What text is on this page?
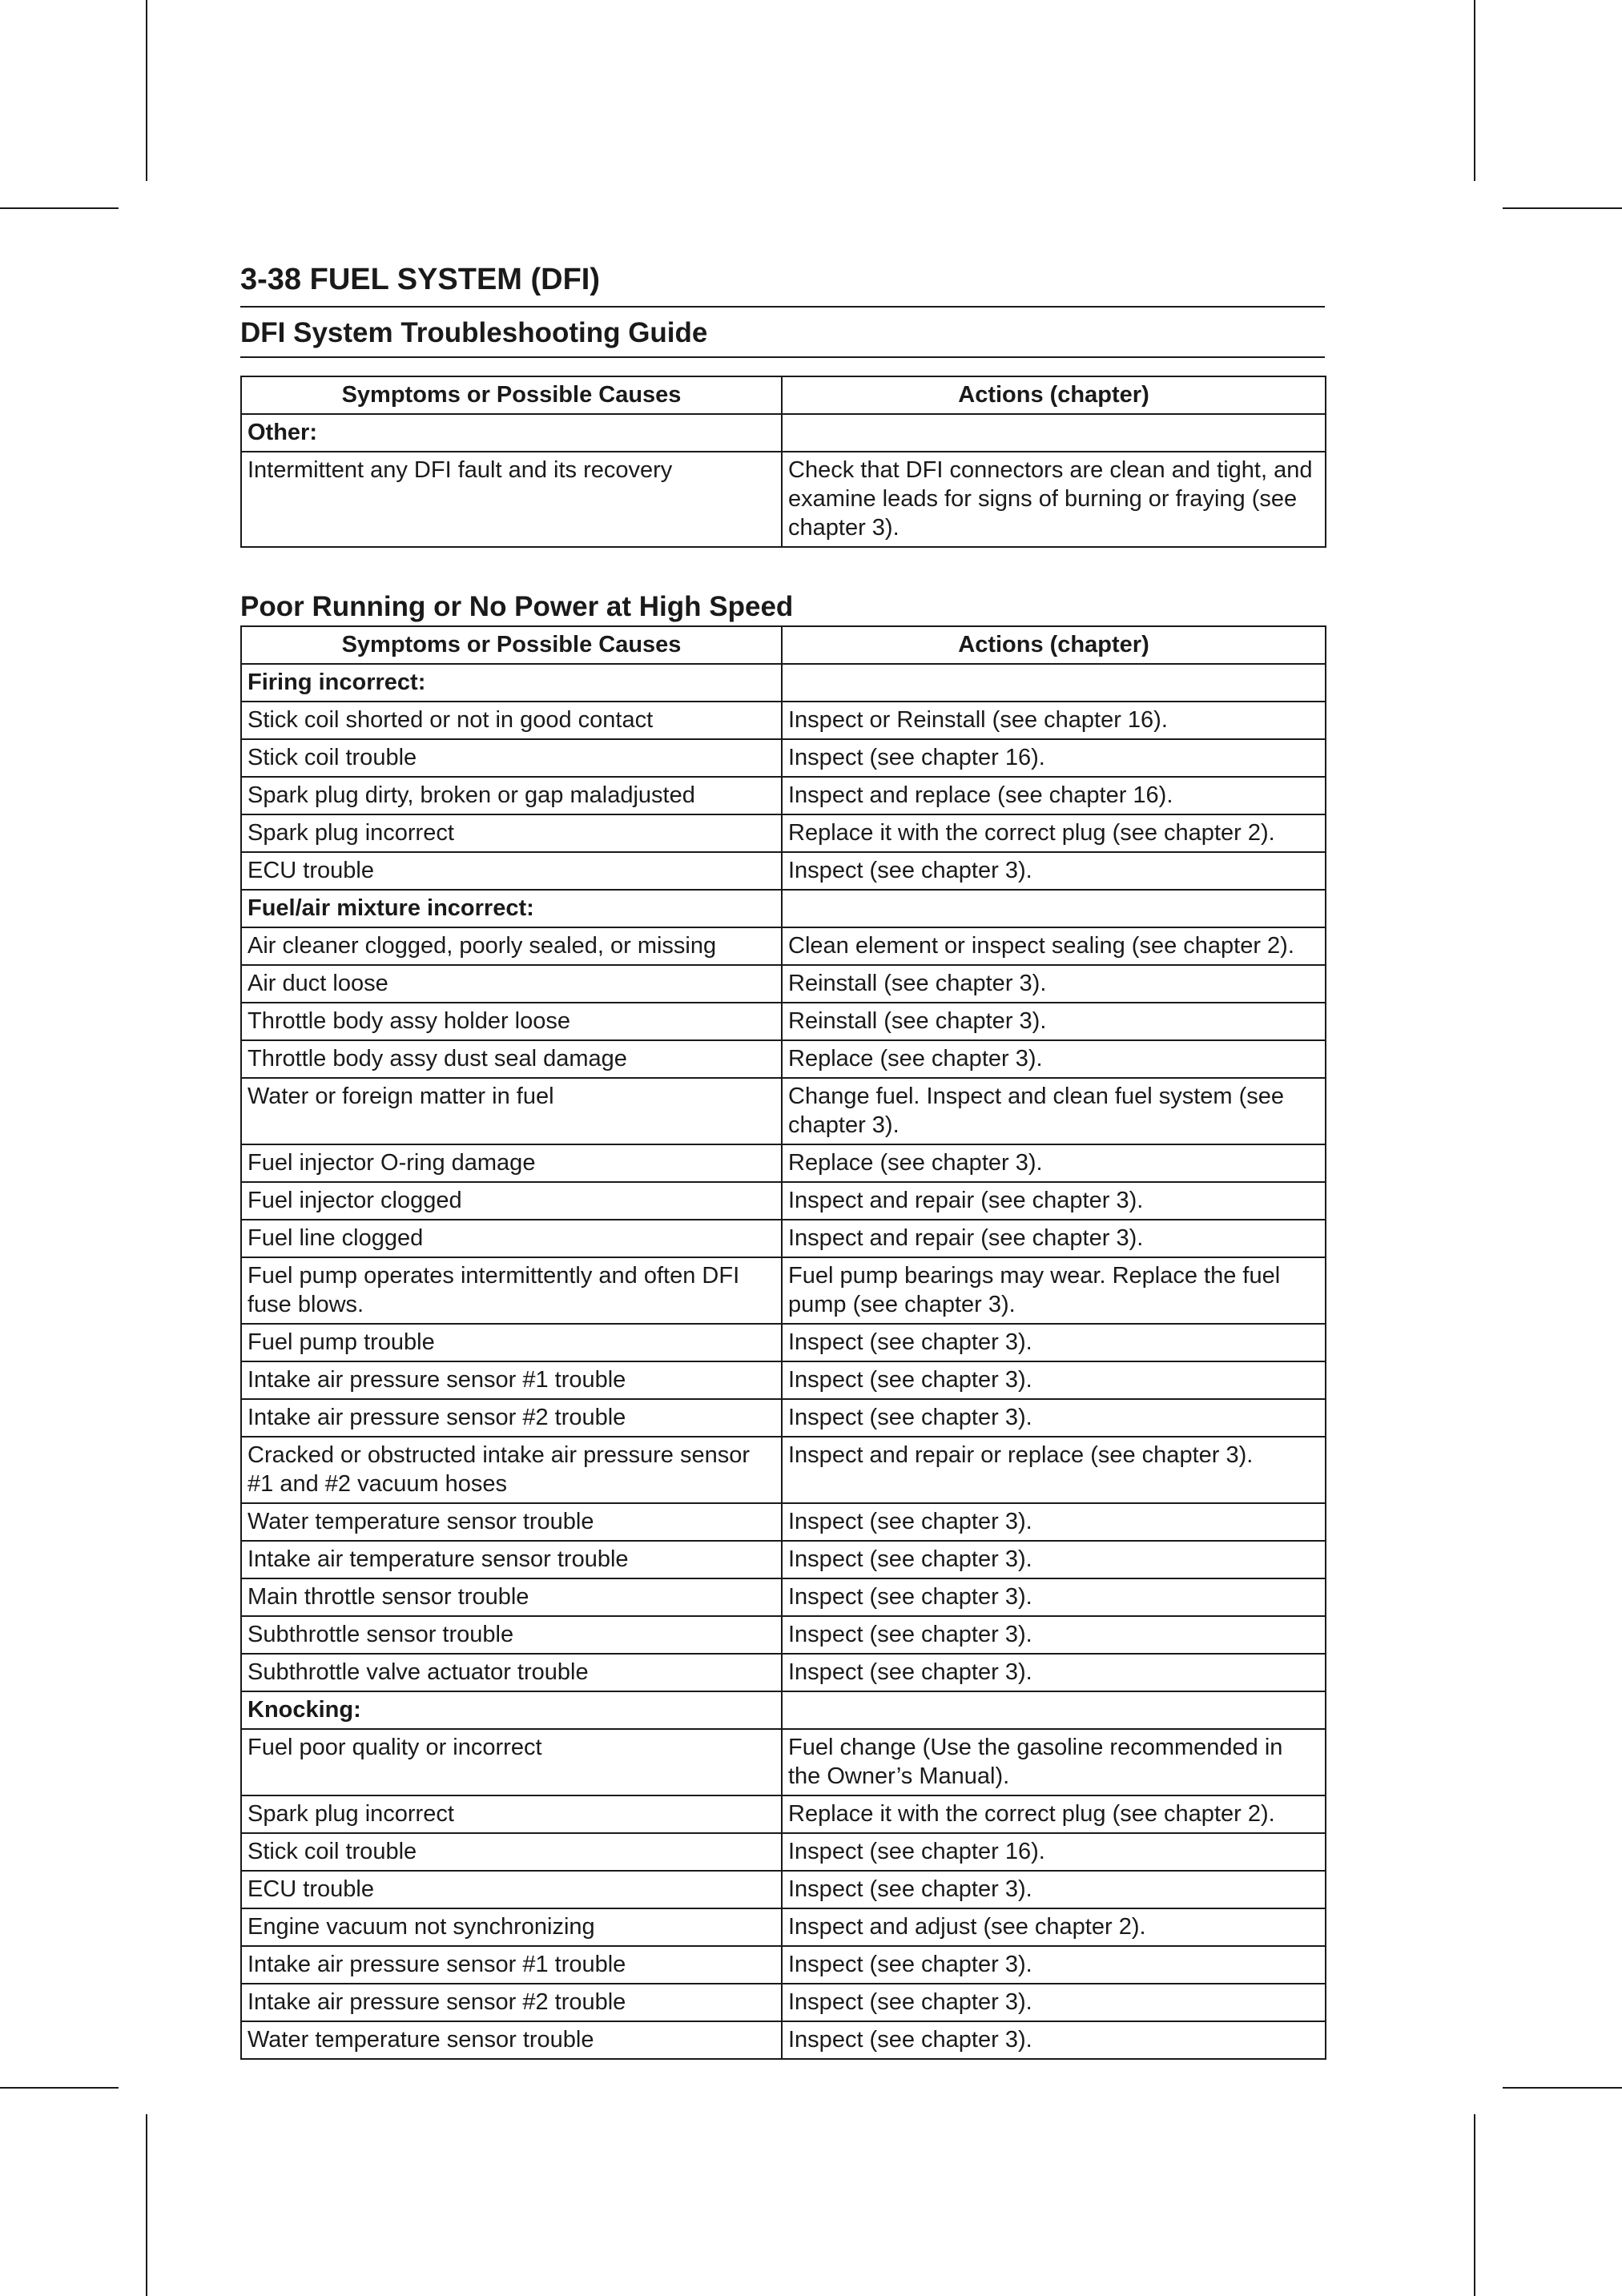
3-38 FUEL SYSTEM (DFI)
DFI System Troubleshooting Guide
Symptoms or Possible Causes	Actions (chapter)
Other:	
Intermittent any DFI fault and its recovery	Check that DFI connectors are clean and tight, and examine leads for signs of burning or fraying (see chapter 3).
Poor Running or No Power at High Speed
Symptoms or Possible Causes	Actions (chapter)
Firing incorrect:	
Stick coil shorted or not in good contact	Inspect or Reinstall (see chapter 16).
Stick coil trouble	Inspect (see chapter 16).
Spark plug dirty, broken or gap maladjusted	Inspect and replace (see chapter 16).
Spark plug incorrect	Replace it with the correct plug (see chapter 2).
ECU trouble	Inspect (see chapter 3).
Fuel/air mixture incorrect:	
Air cleaner clogged, poorly sealed, or missing	Clean element or inspect sealing (see chapter 2).
Air duct loose	Reinstall (see chapter 3).
Throttle body assy holder loose	Reinstall (see chapter 3).
Throttle body assy dust seal damage	Replace (see chapter 3).
Water or foreign matter in fuel	Change fuel. Inspect and clean fuel system (see chapter 3).
Fuel injector O-ring damage	Replace (see chapter 3).
Fuel injector clogged	Inspect and repair (see chapter 3).
Fuel line clogged	Inspect and repair (see chapter 3).
Fuel pump operates intermittently and often DFI fuse blows.	Fuel pump bearings may wear. Replace the fuel pump (see chapter 3).
Fuel pump trouble	Inspect (see chapter 3).
Intake air pressure sensor #1 trouble	Inspect (see chapter 3).
Intake air pressure sensor #2 trouble	Inspect (see chapter 3).
Cracked or obstructed intake air pressure sensor #1 and #2 vacuum hoses	Inspect and repair or replace (see chapter 3).
Water temperature sensor trouble	Inspect (see chapter 3).
Intake air temperature sensor trouble	Inspect (see chapter 3).
Main throttle sensor trouble	Inspect (see chapter 3).
Subthrottle sensor trouble	Inspect (see chapter 3).
Subthrottle valve actuator trouble	Inspect (see chapter 3).
Knocking:	
Fuel poor quality or incorrect	Fuel change (Use the gasoline recommended in the Owner’s Manual).
Spark plug incorrect	Replace it with the correct plug (see chapter 2).
Stick coil trouble	Inspect (see chapter 16).
ECU trouble	Inspect (see chapter 3).
Engine vacuum not synchronizing	Inspect and adjust (see chapter 2).
Intake air pressure sensor #1 trouble	Inspect (see chapter 3).
Intake air pressure sensor #2 trouble	Inspect (see chapter 3).
Water temperature sensor trouble	Inspect (see chapter 3).
